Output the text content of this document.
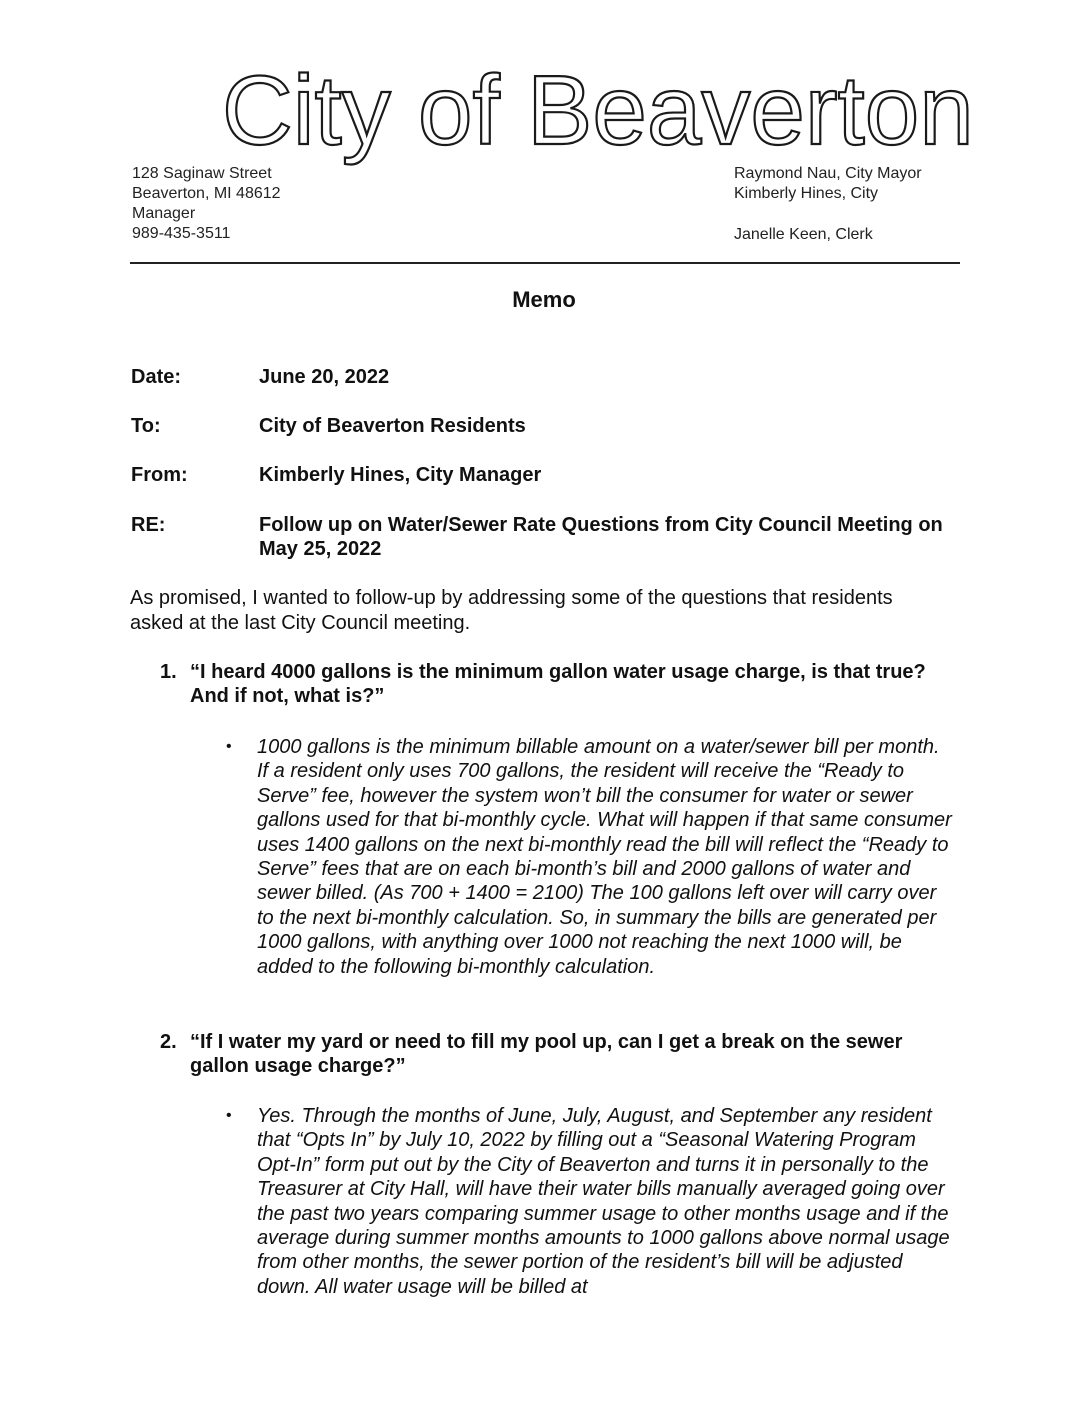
City of Beaverton
128 Saginaw Street
Beaverton, MI 48612
Manager
989-435-3511
Raymond Nau, City Mayor
Kimberly Hines, City
Janelle Keen, Clerk
Memo
Date:	June 20, 2022
To:	City of Beaverton Residents
From:	Kimberly Hines, City Manager
RE:	Follow up on Water/Sewer Rate Questions from City Council Meeting on May 25, 2022
As promised, I wanted to follow-up by addressing some of the questions that residents asked at the last City Council meeting.
1. “I heard 4000 gallons is the minimum gallon water usage charge, is that true? And if not, what is?”
• 1000 gallons is the minimum billable amount on a water/sewer bill per month. If a resident only uses 700 gallons, the resident will receive the “Ready to Serve” fee, however the system won’t bill the consumer for water or sewer gallons used for that bi-monthly cycle. What will happen if that same consumer uses 1400 gallons on the next bi-monthly read the bill will reflect the “Ready to Serve” fees that are on each bi-month’s bill and 2000 gallons of water and sewer billed. (As 700 + 1400 = 2100) The 100 gallons left over will carry over to the next bi-monthly calculation. So, in summary the bills are generated per 1000 gallons, with anything over 1000 not reaching the next 1000 will, be added to the following bi-monthly calculation.
2. “If I water my yard or need to fill my pool up, can I get a break on the sewer gallon usage charge?”
• Yes. Through the months of June, July, August, and September any resident that “Opts In” by July 10, 2022 by filling out a “Seasonal Watering Program Opt-In” form put out by the City of Beaverton and turns it in personally to the Treasurer at City Hall, will have their water bills manually averaged going over the past two years comparing summer usage to other months usage and if the average during summer months amounts to 1000 gallons above normal usage from other months, the sewer portion of the resident’s bill will be adjusted down. All water usage will be billed at
